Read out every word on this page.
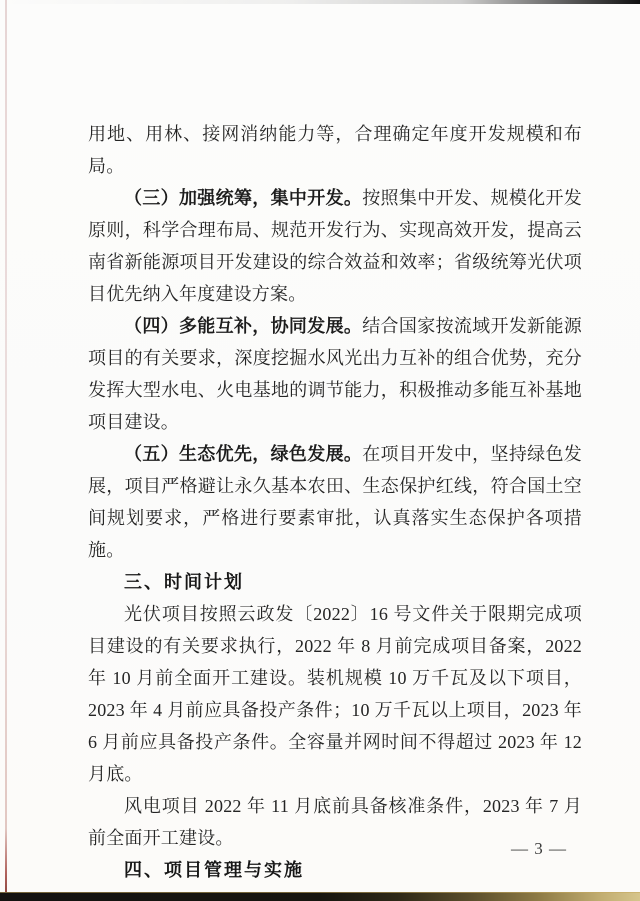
用地、用林、接网消纳能力等，合理确定年度开发规模和布局。

（三）加强统筹，集中开发。按照集中开发、规模化开发原则，科学合理布局、规范开发行为、实现高效开发，提高云南省新能源项目开发建设的综合效益和效率；省级统筹光伏项目优先纳入年度建设方案。

（四）多能互补，协同发展。结合国家按流域开发新能源项目的有关要求，深度挖掘水风光出力互补的组合优势，充分发挥大型水电、火电基地的调节能力，积极推动多能互补基地项目建设。

（五）生态优先，绿色发展。在项目开发中，坚持绿色发展，项目严格避让永久基本农田、生态保护红线，符合国土空间规划要求，严格进行要素审批，认真落实生态保护各项措施。

三、时间计划

光伏项目按照云政发〔2022〕16 号文件关于限期完成项目建设的有关要求执行，2022 年 8 月前完成项目备案，2022 年 10 月前全面开工建设。装机规模 10 万千瓦及以下项目，2023 年 4 月前应具备投产条件；10 万千瓦以上项目，2023 年 6 月前应具备投产条件。全容量并网时间不得超过 2023 年 12 月底。

风电项目 2022 年 11 月底前具备核准条件，2023 年 7 月前全面开工建设。

四、项目管理与实施

— 3 —
